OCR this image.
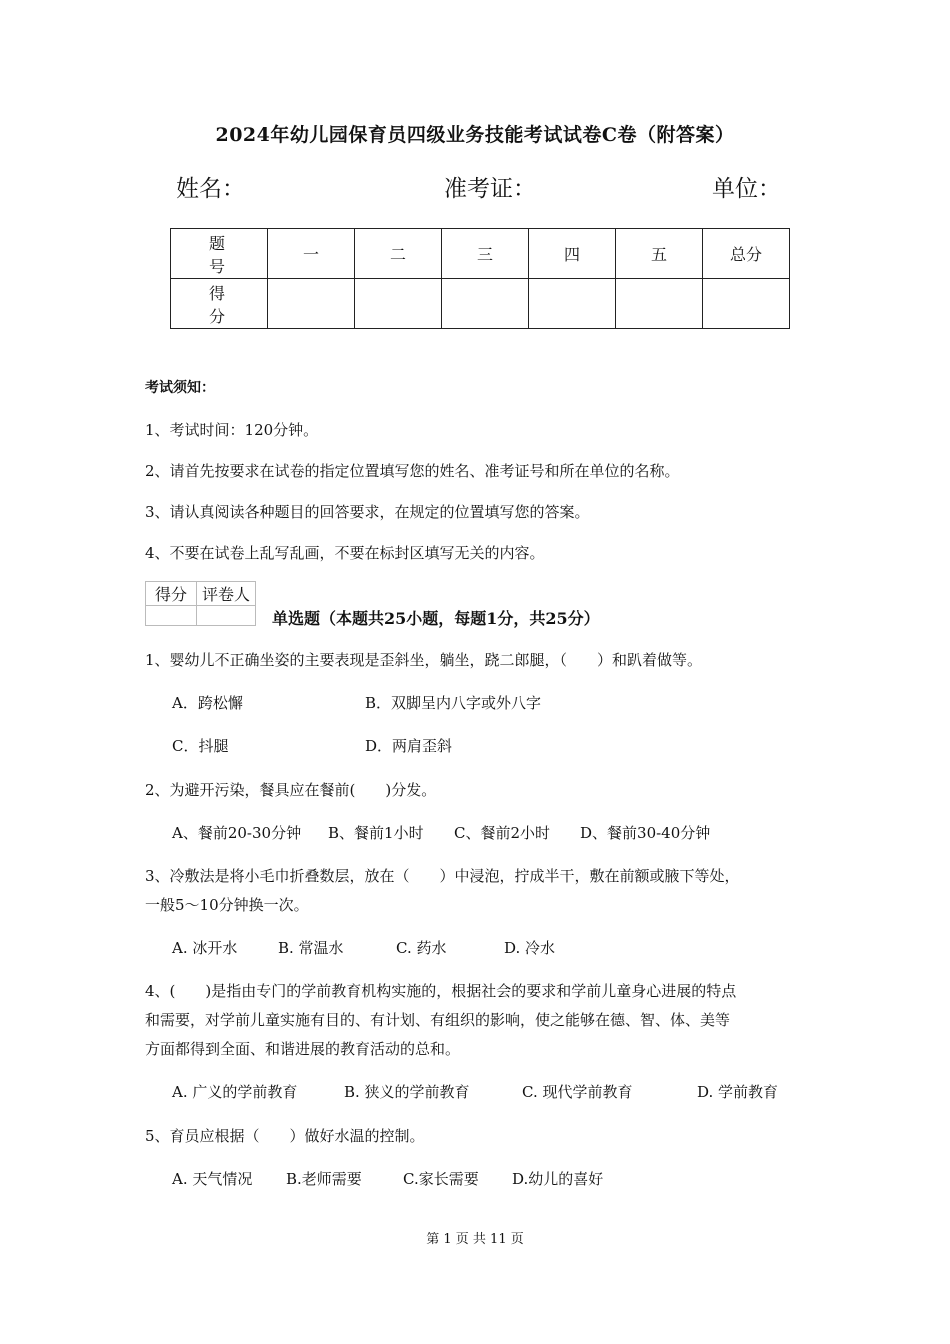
2024年幼儿园保育员四级业务技能考试试卷C卷（附答案）
姓名：	准考证：	单位：
题　号	一	二	三	四	五	总分
得　分						
考试须知：
1、考试时间：120分钟。
2、请首先按要求在试卷的指定位置填写您的姓名、准考证号和所在单位的名称。
3、请认真阅读各种题目的回答要求，在规定的位置填写您的答案。
4、不要在试卷上乱写乱画，不要在标封区填写无关的内容。
得分	评卷人

单选题（本题共25小题，每题1分，共25分）
1、婴幼儿不正确坐姿的主要表现是歪斜坐，躺坐，跷二郎腿，（　　）和趴着做等。
A．跨松懈	B．双脚呈内八字或外八字
C．抖腿	D．两肩歪斜
2、为避开污染，餐具应在餐前(　　)分发。
A、餐前20-30分钟 B、餐前1小时 C、餐前2小时 D、餐前30-40分钟
3、冷敷法是将小毛巾折叠数层，放在（　　）中浸泡，拧成半干，敷在前额或腋下等处，
一般5～10分钟换一次。
A. 冰开水	B. 常温水	C. 药水	D. 冷水
4、(　　)是指由专门的学前教育机构实施的，根据社会的要求和学前儿童身心进展的特点
和需要，对学前儿童实施有目的、有计划、有组织的影响，使之能够在德、智、体、美等
方面都得到全面、和谐进展的教育活动的总和。
A. 广义的学前教育	B. 狭义的学前教育	C. 现代学前教育	D. 学前教育
5、育员应根据（　　）做好水温的控制。
A. 天气情况 B.老师需要	C.家长需要 D.幼儿的喜好
第 1 页 共 11 页
